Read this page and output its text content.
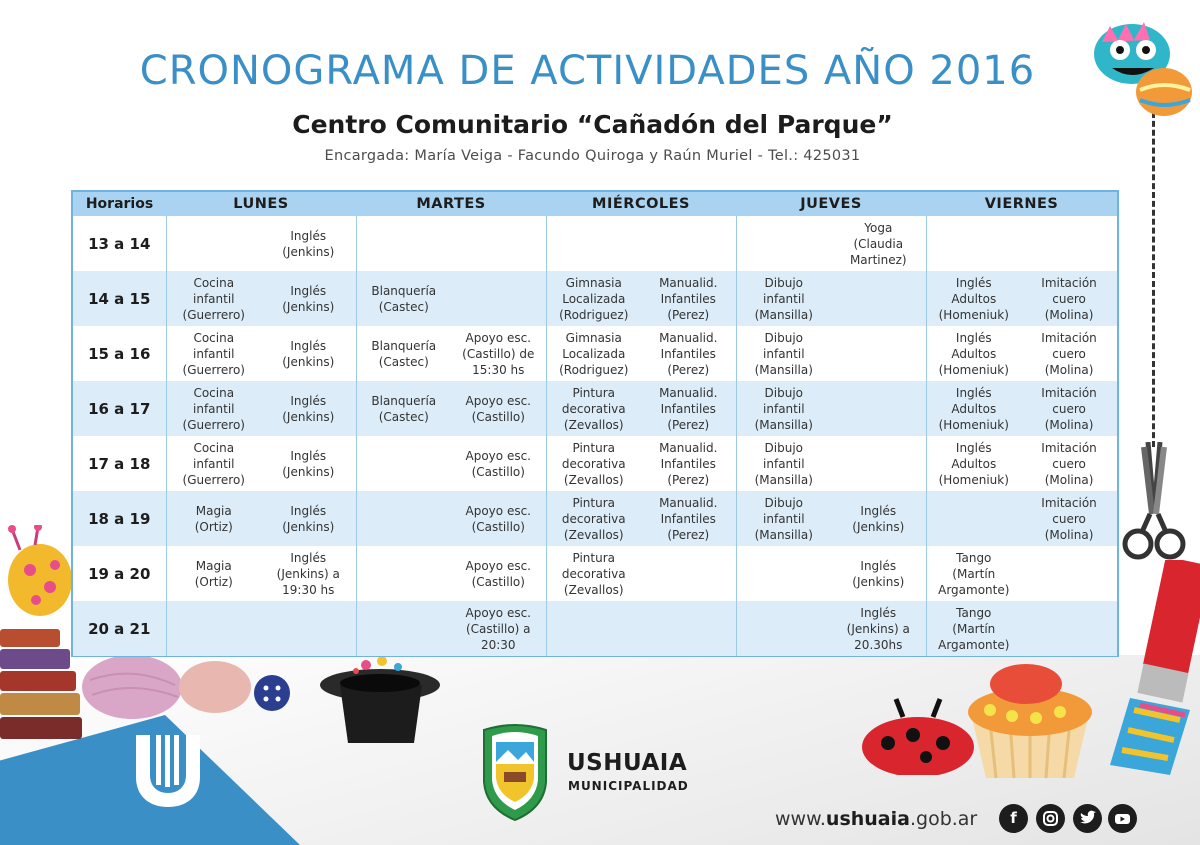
CRONOGRAMA DE ACTIVIDADES AÑO 2016
Centro Comunitario “Cañadón del Parque”
Encargada: María Veiga - Facundo Quiroga y Raún Muriel - Tel.: 425031
Horarios	LUNES		MARTES		MIÉRCOLES		JUEVES		VIERNES	
13 a 14		Inglés
(Jenkins)						Yoga
(Claudia
Martinez)		

14 a 15	Cocina
infantil
(Guerrero)	Inglés
(Jenkins)	Blanquería
(Castec)		Gimnasia
Localizada
(Rodriguez)	Manualid.
Infantiles
(Perez)	Dibujo
infantil
(Mansilla)		Inglés
Adultos
(Homeniuk)	Imitación
cuero
(Molina)

15 a 16	Cocina
infantil
(Guerrero)	Inglés
(Jenkins)	Blanquería
(Castec)	Apoyo esc.
(Castillo) de
15:30 hs	Gimnasia
Localizada
(Rodriguez)	Manualid.
Infantiles
(Perez)	Dibujo
infantil
(Mansilla)		Inglés
Adultos
(Homeniuk)	Imitación
cuero
(Molina)

16 a 17	Cocina
infantil
(Guerrero)	Inglés
(Jenkins)	Blanquería
(Castec)	Apoyo esc.
(Castillo)	Pintura
decorativa
(Zevallos)	Manualid.
Infantiles
(Perez)	Dibujo
infantil
(Mansilla)		Inglés
Adultos
(Homeniuk)	Imitación
cuero
(Molina)

17 a 18	Cocina
infantil
(Guerrero)	Inglés
(Jenkins)		Apoyo esc.
(Castillo)	Pintura
decorativa
(Zevallos)	Manualid.
Infantiles
(Perez)	Dibujo
infantil
(Mansilla)		Inglés
Adultos
(Homeniuk)	Imitación
cuero
(Molina)

18 a 19	Magia
(Ortiz)	Inglés
(Jenkins)		Apoyo esc.
(Castillo)	Pintura
decorativa
(Zevallos)	Manualid.
Infantiles
(Perez)	Dibujo
infantil
(Mansilla)	Inglés
(Jenkins)		Imitación
cuero
(Molina)

19 a 20	Magia
(Ortiz)	Inglés
(Jenkins) a
19:30 hs		Apoyo esc.
(Castillo)	Pintura
decorativa
(Zevallos)			Inglés
(Jenkins)	Tango
(Martín
Argamonte)	

20 a 21				Apoyo esc.
(Castillo) a
20:30				Inglés
(Jenkins) a
20.30hs	Tango
(Martín
Argamonte)	

USHUAIA
MUNICIPALIDAD
www.ushuaia.gob.ar	f
